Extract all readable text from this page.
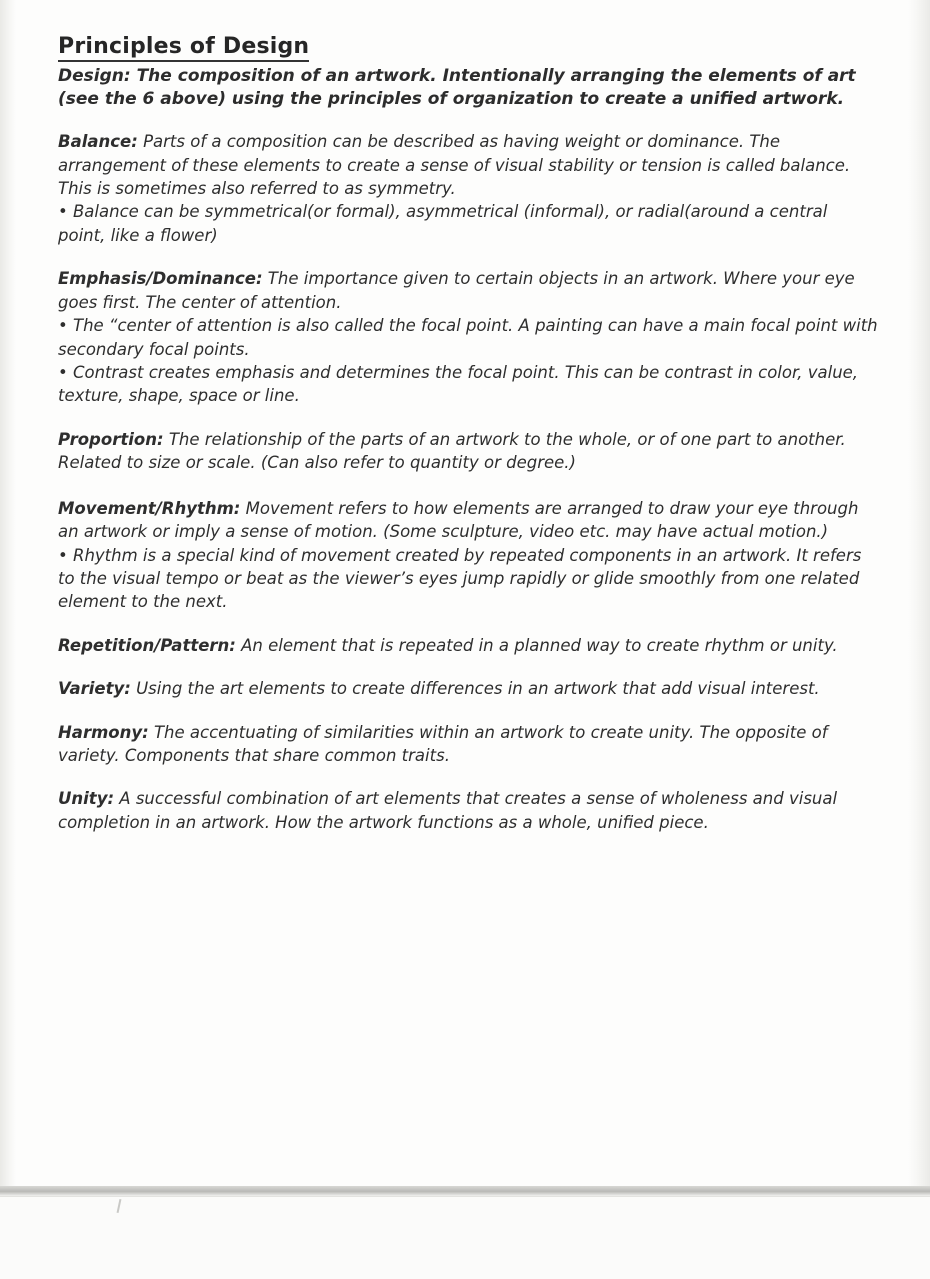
Principles of Design

Design: The composition of an artwork. Intentionally arranging the elements of art (see the 6 above) using the principles of organization to create a unified artwork.

Balance: Parts of a composition can be described as having weight or dominance. The arrangement of these elements to create a sense of visual stability or tension is called balance. This is sometimes also referred to as symmetry.

• Balance can be symmetrical(or formal), asymmetrical (informal), or radial(around a central point, like a flower)

Emphasis/Dominance: The importance given to certain objects in an artwork. Where your eye goes first. The center of attention.

• The “center of attention is also called the focal point. A painting can have a main focal point with secondary focal points.

• Contrast creates emphasis and determines the focal point. This can be contrast in color, value, texture, shape, space or line.

Proportion: The relationship of the parts of an artwork to the whole, or of one part to another. Related to size or scale. (Can also refer to quantity or degree.)

Movement/Rhythm: Movement refers to how elements are arranged to draw your eye through an artwork or imply a sense of motion. (Some sculpture, video etc. may have actual motion.)

• Rhythm is a special kind of movement created by repeated components in an artwork. It refers to the visual tempo or beat as the viewer’s eyes jump rapidly or glide smoothly from one related element to the next.

Repetition/Pattern: An element that is repeated in a planned way to create rhythm or unity.

Variety: Using the art elements to create differences in an artwork that add visual interest.

Harmony: The accentuating of similarities within an artwork to create unity. The opposite of variety. Components that share common traits.

Unity: A successful combination of art elements that creates a sense of wholeness and visual completion in an artwork. How the artwork functions as a whole, unified piece.
